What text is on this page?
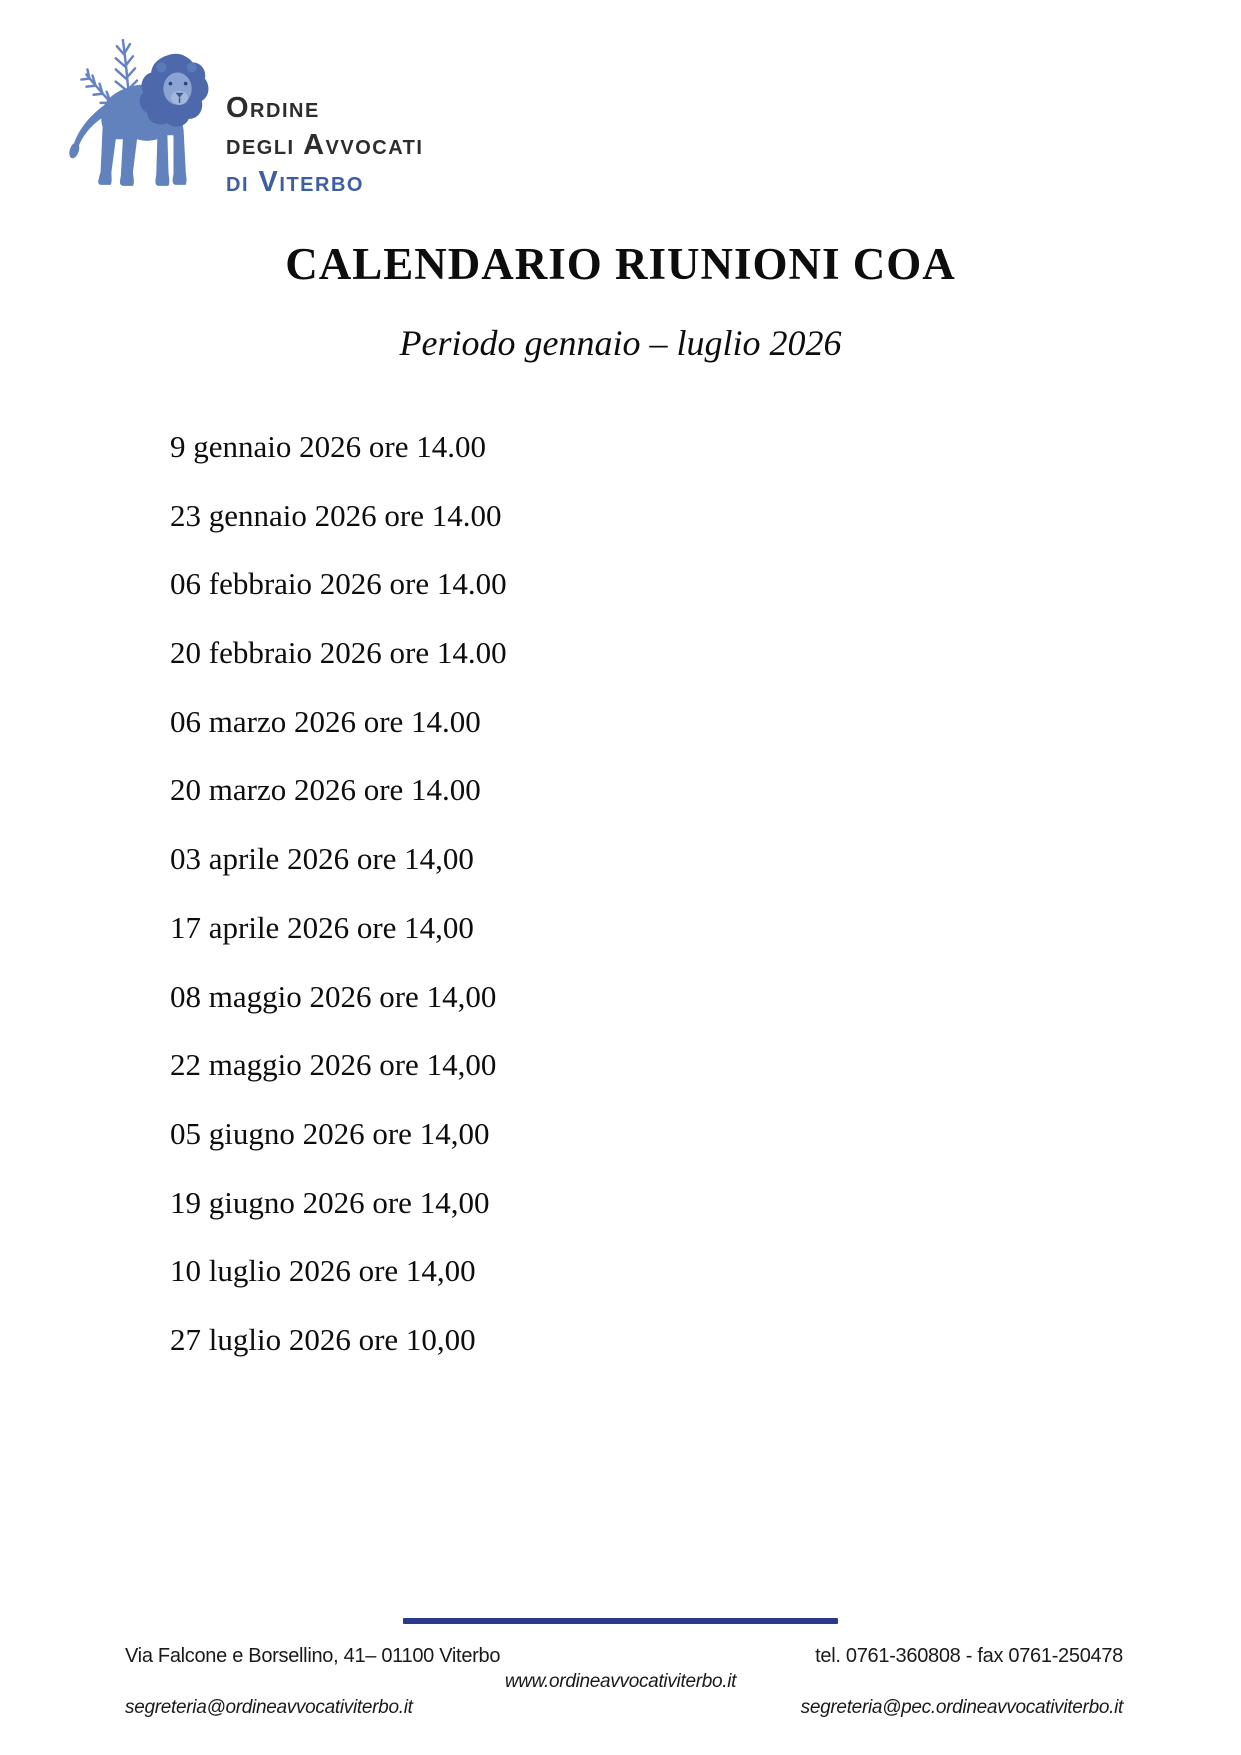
Ordine
degli Avvocati
di Viterbo
CALENDARIO RIUNIONI COA
Periodo gennaio – luglio 2026
9 gennaio 2026 ore 14.00
23 gennaio 2026 ore 14.00
06 febbraio 2026 ore 14.00
20 febbraio 2026 ore 14.00
06 marzo 2026 ore 14.00
20 marzo 2026 ore 14.00
03 aprile 2026 ore 14,00
17 aprile 2026 ore 14,00
08 maggio 2026 ore 14,00
22 maggio 2026 ore 14,00
05 giugno 2026 ore 14,00
19 giugno 2026 ore 14,00
10 luglio 2026 ore 14,00
27 luglio 2026 ore 10,00
Via Falcone e Borsellino, 41– 01100 Viterbo	tel. 0761-360808 - fax 0761-250478
www.ordineavvocativiterbo.it
segreteria@ordineavvocativiterbo.it	segreteria@pec.ordineavvocativiterbo.it
